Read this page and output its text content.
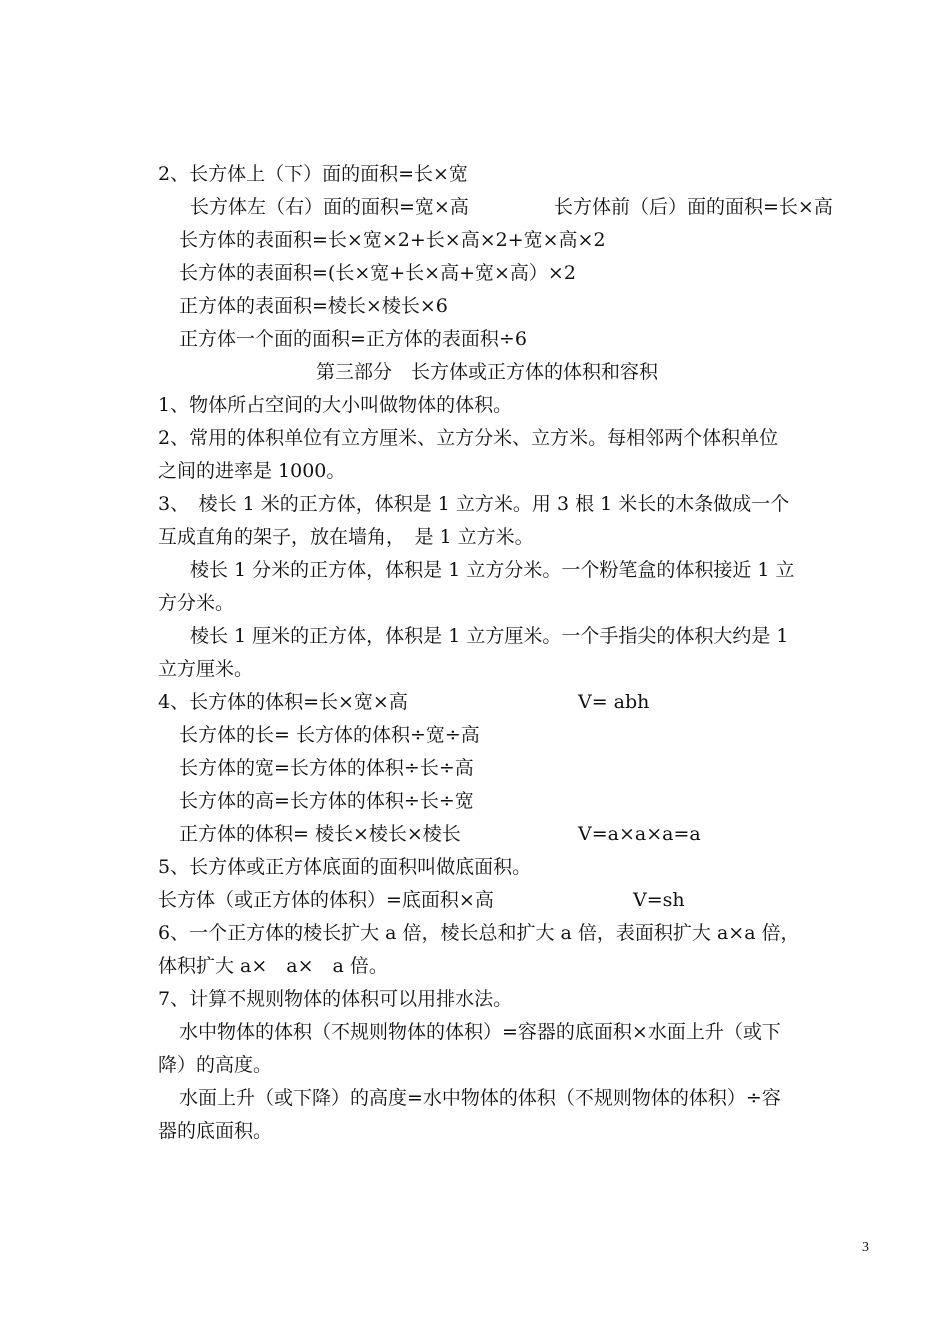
2、长方体上（下）面的面积=长×宽
长方体左（右）面的面积=宽×高	长方体前（后）面的面积=长×高
长方体的表面积=长×宽×2+长×高×2+宽×高×2
长方体的表面积=(长×宽+长×高+宽×高）×2
正方体的表面积=棱长×棱长×6
正方体一个面的面积=正方体的表面积÷6
第三部分　长方体或正方体的体积和容积
1、物体所占空间的大小叫做物体的体积。
2、常用的体积单位有立方厘米、立方分米、立方米。每相邻两个体积单位
之间的进率是 1000。
3、　棱长 1 米的正方体，体积是 1 立方米。用 3 根 1 米长的木条做成一个
互成直角的架子，放在墙角，　是 1 立方米。
棱长 1 分米的正方体，体积是 1 立方分米。一个粉笔盒的体积接近 1 立
方分米。
棱长 1 厘米的正方体，体积是 1 立方厘米。一个手指尖的体积大约是 1
立方厘米。
4、长方体的体积=长×宽×高	V= abh
长方体的长= 长方体的体积÷宽÷高
长方体的宽=长方体的体积÷长÷高
长方体的高=长方体的体积÷长÷宽
正方体的体积= 棱长×棱长×棱长	V=a×a×a=a
5、长方体或正方体底面的面积叫做底面积。
长方体（或正方体的体积）=底面积×高	V=sh
6、一个正方体的棱长扩大 a 倍，棱长总和扩大 a 倍，表面积扩大 a×a 倍，
体积扩大 a×　a×　a 倍。
7、计算不规则物体的体积可以用排水法。
水中物体的体积（不规则物体的体积）=容器的底面积×水面上升（或下
降）的高度。
水面上升（或下降）的高度=水中物体的体积（不规则物体的体积）÷容
器的底面积。
3
